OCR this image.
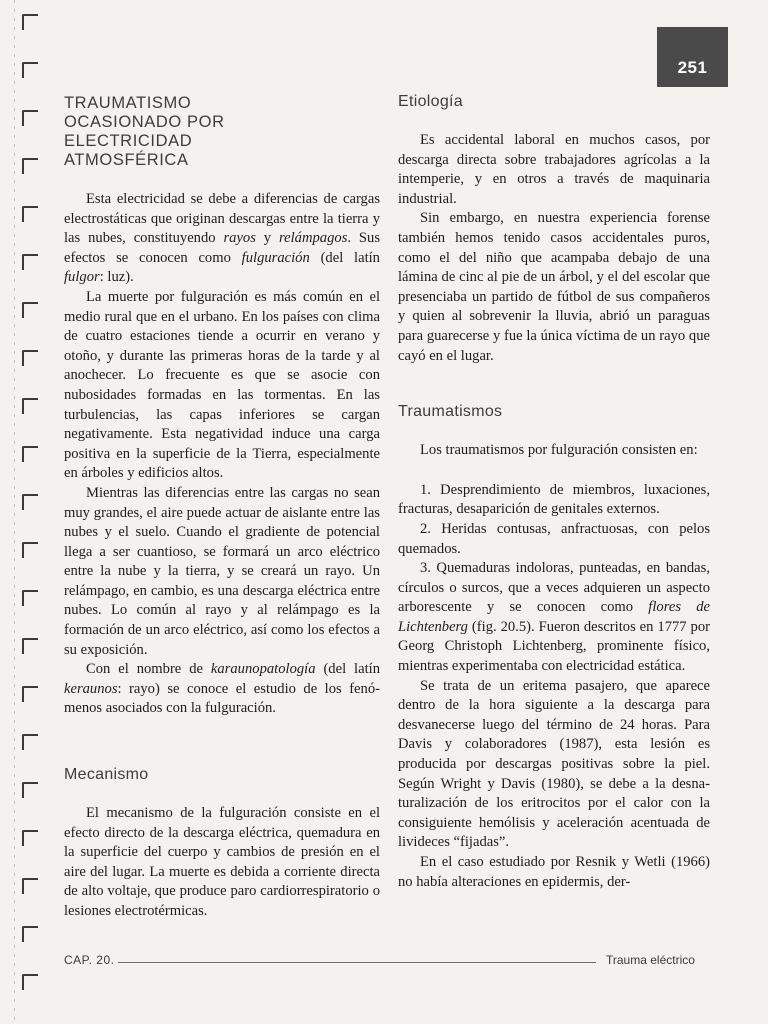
251
TRAUMATISMO
OCASIONADO POR
ELECTRICIDAD
ATMOSFÉRICA

Esta electricidad se debe a diferencias de cargas electrostáticas que originan descargas entre la tierra y las nubes, constituyendo rayos y relámpagos. Sus efectos se conocen como fulguración (del latín fulgor: luz).

La muerte por fulguración es más común en el medio rural que en el urbano. En los países con clima de cuatro estaciones tiende a ocurrir en verano y otoño, y durante las primeras horas de la tarde y al anochecer. Lo frecuente es que se asocie con nubosidades formadas en las tormentas. En las turbulencias, las capas inferiores se cargan negativamente. Esta negatividad induce una carga positiva en la superficie de la Tierra, especialmente en árboles y edificios altos.

Mientras las diferencias entre las cargas no sean muy grandes, el aire puede actuar de aislante entre las nubes y el suelo. Cuando el gradiente de potencial llega a ser cuantioso, se formará un arco eléctrico entre la nube y la tierra, y se creará un rayo. Un relámpago, en cambio, es una descarga eléctrica entre nubes. Lo común al rayo y al relámpago es la formación de un arco eléctrico, así como los efectos a su exposición.

Con el nombre de karaunopatología (del latín keraunos: rayo) se conoce el estudio de los fenómenos asociados con la fulguración.

Mecanismo

El mecanismo de la fulguración consiste en el efecto directo de la descarga eléctrica, quemadura en la superficie del cuerpo y cambios de presión en el aire del lugar. La muerte es debida a corriente directa de alto voltaje, que produce paro cardiorrespiratorio o lesiones electrotérmicas.

Etiología

Es accidental laboral en muchos casos, por descarga directa sobre trabajadores agrícolas a la intemperie, y en otros a través de maquinaria industrial.

Sin embargo, en nuestra experiencia forense también hemos tenido casos accidentales puros, como el del niño que acampaba debajo de una lámina de cinc al pie de un árbol, y el del escolar que presenciaba un partido de fútbol de sus compañeros y quien al sobrevenir la lluvia, abrió un paraguas para guarecerse y fue la única víctima de un rayo que cayó en el lugar.

Traumatismos

Los traumatismos por fulguración consisten en:

1. Desprendimiento de miembros, luxaciones, fracturas, desaparición de genitales externos.

2. Heridas contusas, anfractuosas, con pelos quemados.

3. Quemaduras indoloras, punteadas, en bandas, círculos o surcos, que a veces adquieren un aspecto arborescente y se conocen como flores de Lichtenberg (fig. 20.5). Fueron descritos en 1777 por Georg Christoph Lichtenberg, prominente físico, mientras experimentaba con electricidad estática.

Se trata de un eritema pasajero, que aparece dentro de la hora siguiente a la descarga para desvanecerse luego del término de 24 horas. Para Davis y colaboradores (1987), esta lesión es producida por descargas positivas sobre la piel. Según Wright y Davis (1980), se debe a la desnaturalización de los eritrocitos por el calor con la consiguiente hemólisis y aceleración acentuada de livideces “fijadas”.

En el caso estudiado por Resnik y Wetli (1966) no había alteraciones en epidermis, der-

CAP. 20.	Trauma eléctrico
